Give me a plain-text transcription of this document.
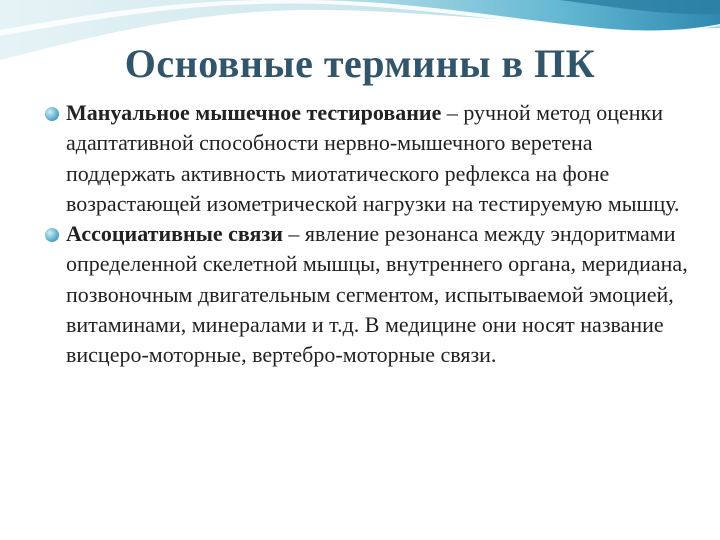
Основные термины в ПК
Мануальное мышечное тестирование – ручной метод оценки адаптативной способности нервно-мышечного веретена поддержать активность миотатического рефлекса на фоне возрастающей изометрической нагрузки на тестируемую мышцу.
Ассоциативные связи – явление резонанса между эндоритмами определенной скелетной мышцы, внутреннего органа, меридиана, позвоночным двигательным сегментом, испытываемой эмоцией, витаминами, минералами и т.д. В медицине они носят название висцеро-моторные, вертебро-моторные связи.
